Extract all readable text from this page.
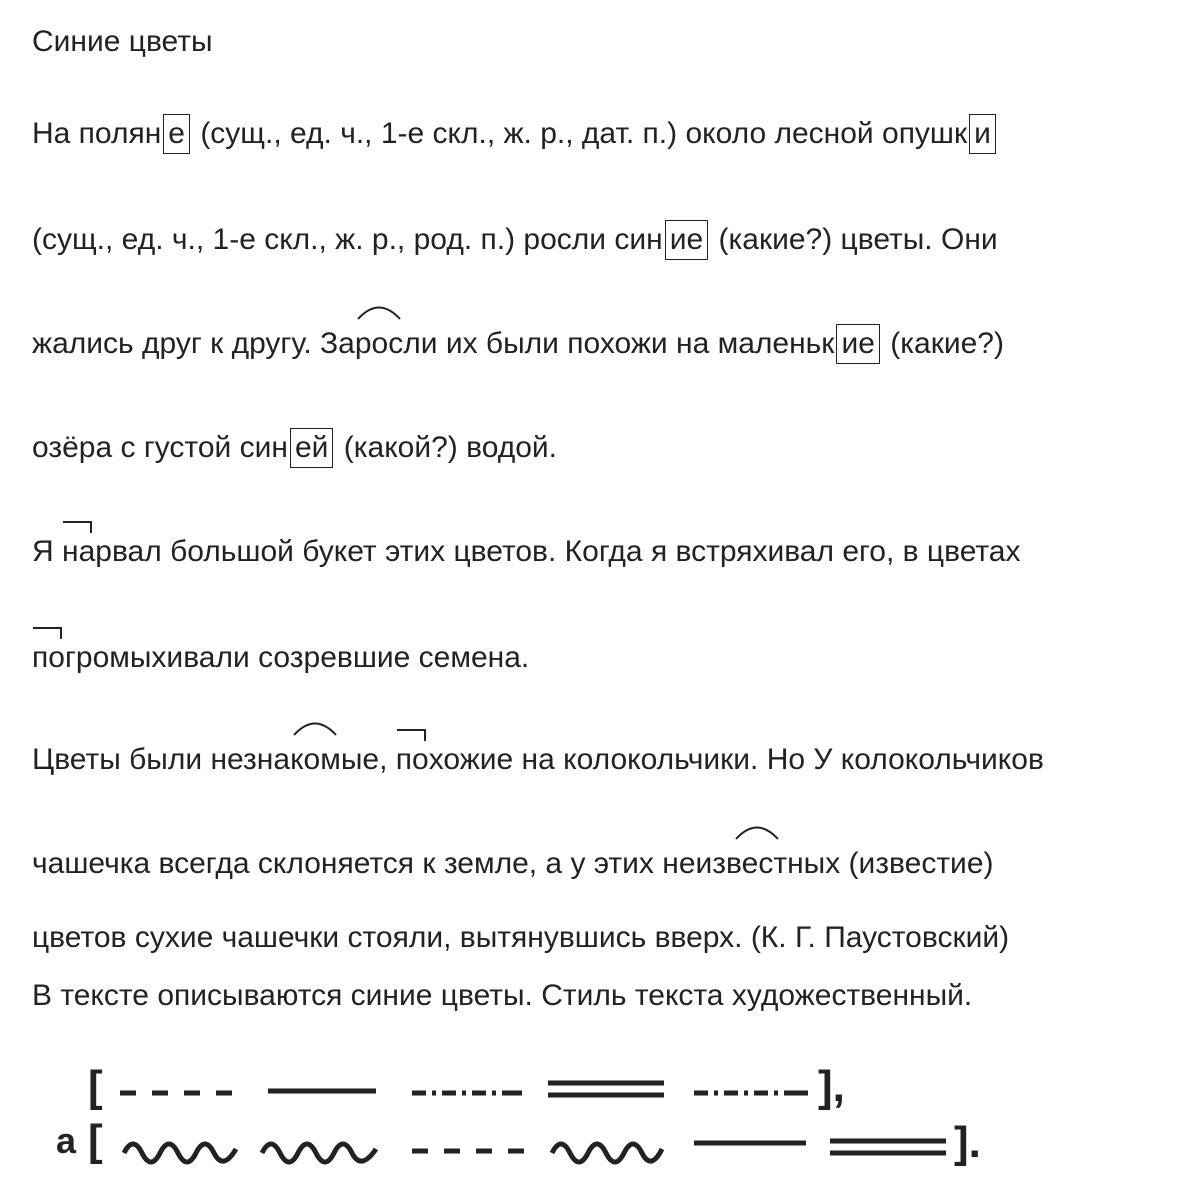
Синие цветы
На полян е (сущ., ед. ч., 1-е скл., ж. р., дат. п.) около лесной опушк и
(сущ., ед. ч., 1-е скл., ж. р., род. п.) росли син ие (какие?) цветы. Они
жались друг к другу. За
росли их были похожи на маленьк ие (какие?)
озёра с густой син ей (какой?) водой.
Я
нарвал большой букет этих цветов. Когда я встряхивал его, в цветах
погромыхивали созревшие семена.
Цветы были незна
комые,
похожие на колокольчики. Но У колокольчиков
чашечка всегда склоняется к земле, а у этих неиз
вестных (известие)
цветов сухие чашечки стояли, вытянувшись вверх. (К. Г. Паустовский)
В тексте описываются синие цветы. Стиль текста художественный.
[	],
а [	].
